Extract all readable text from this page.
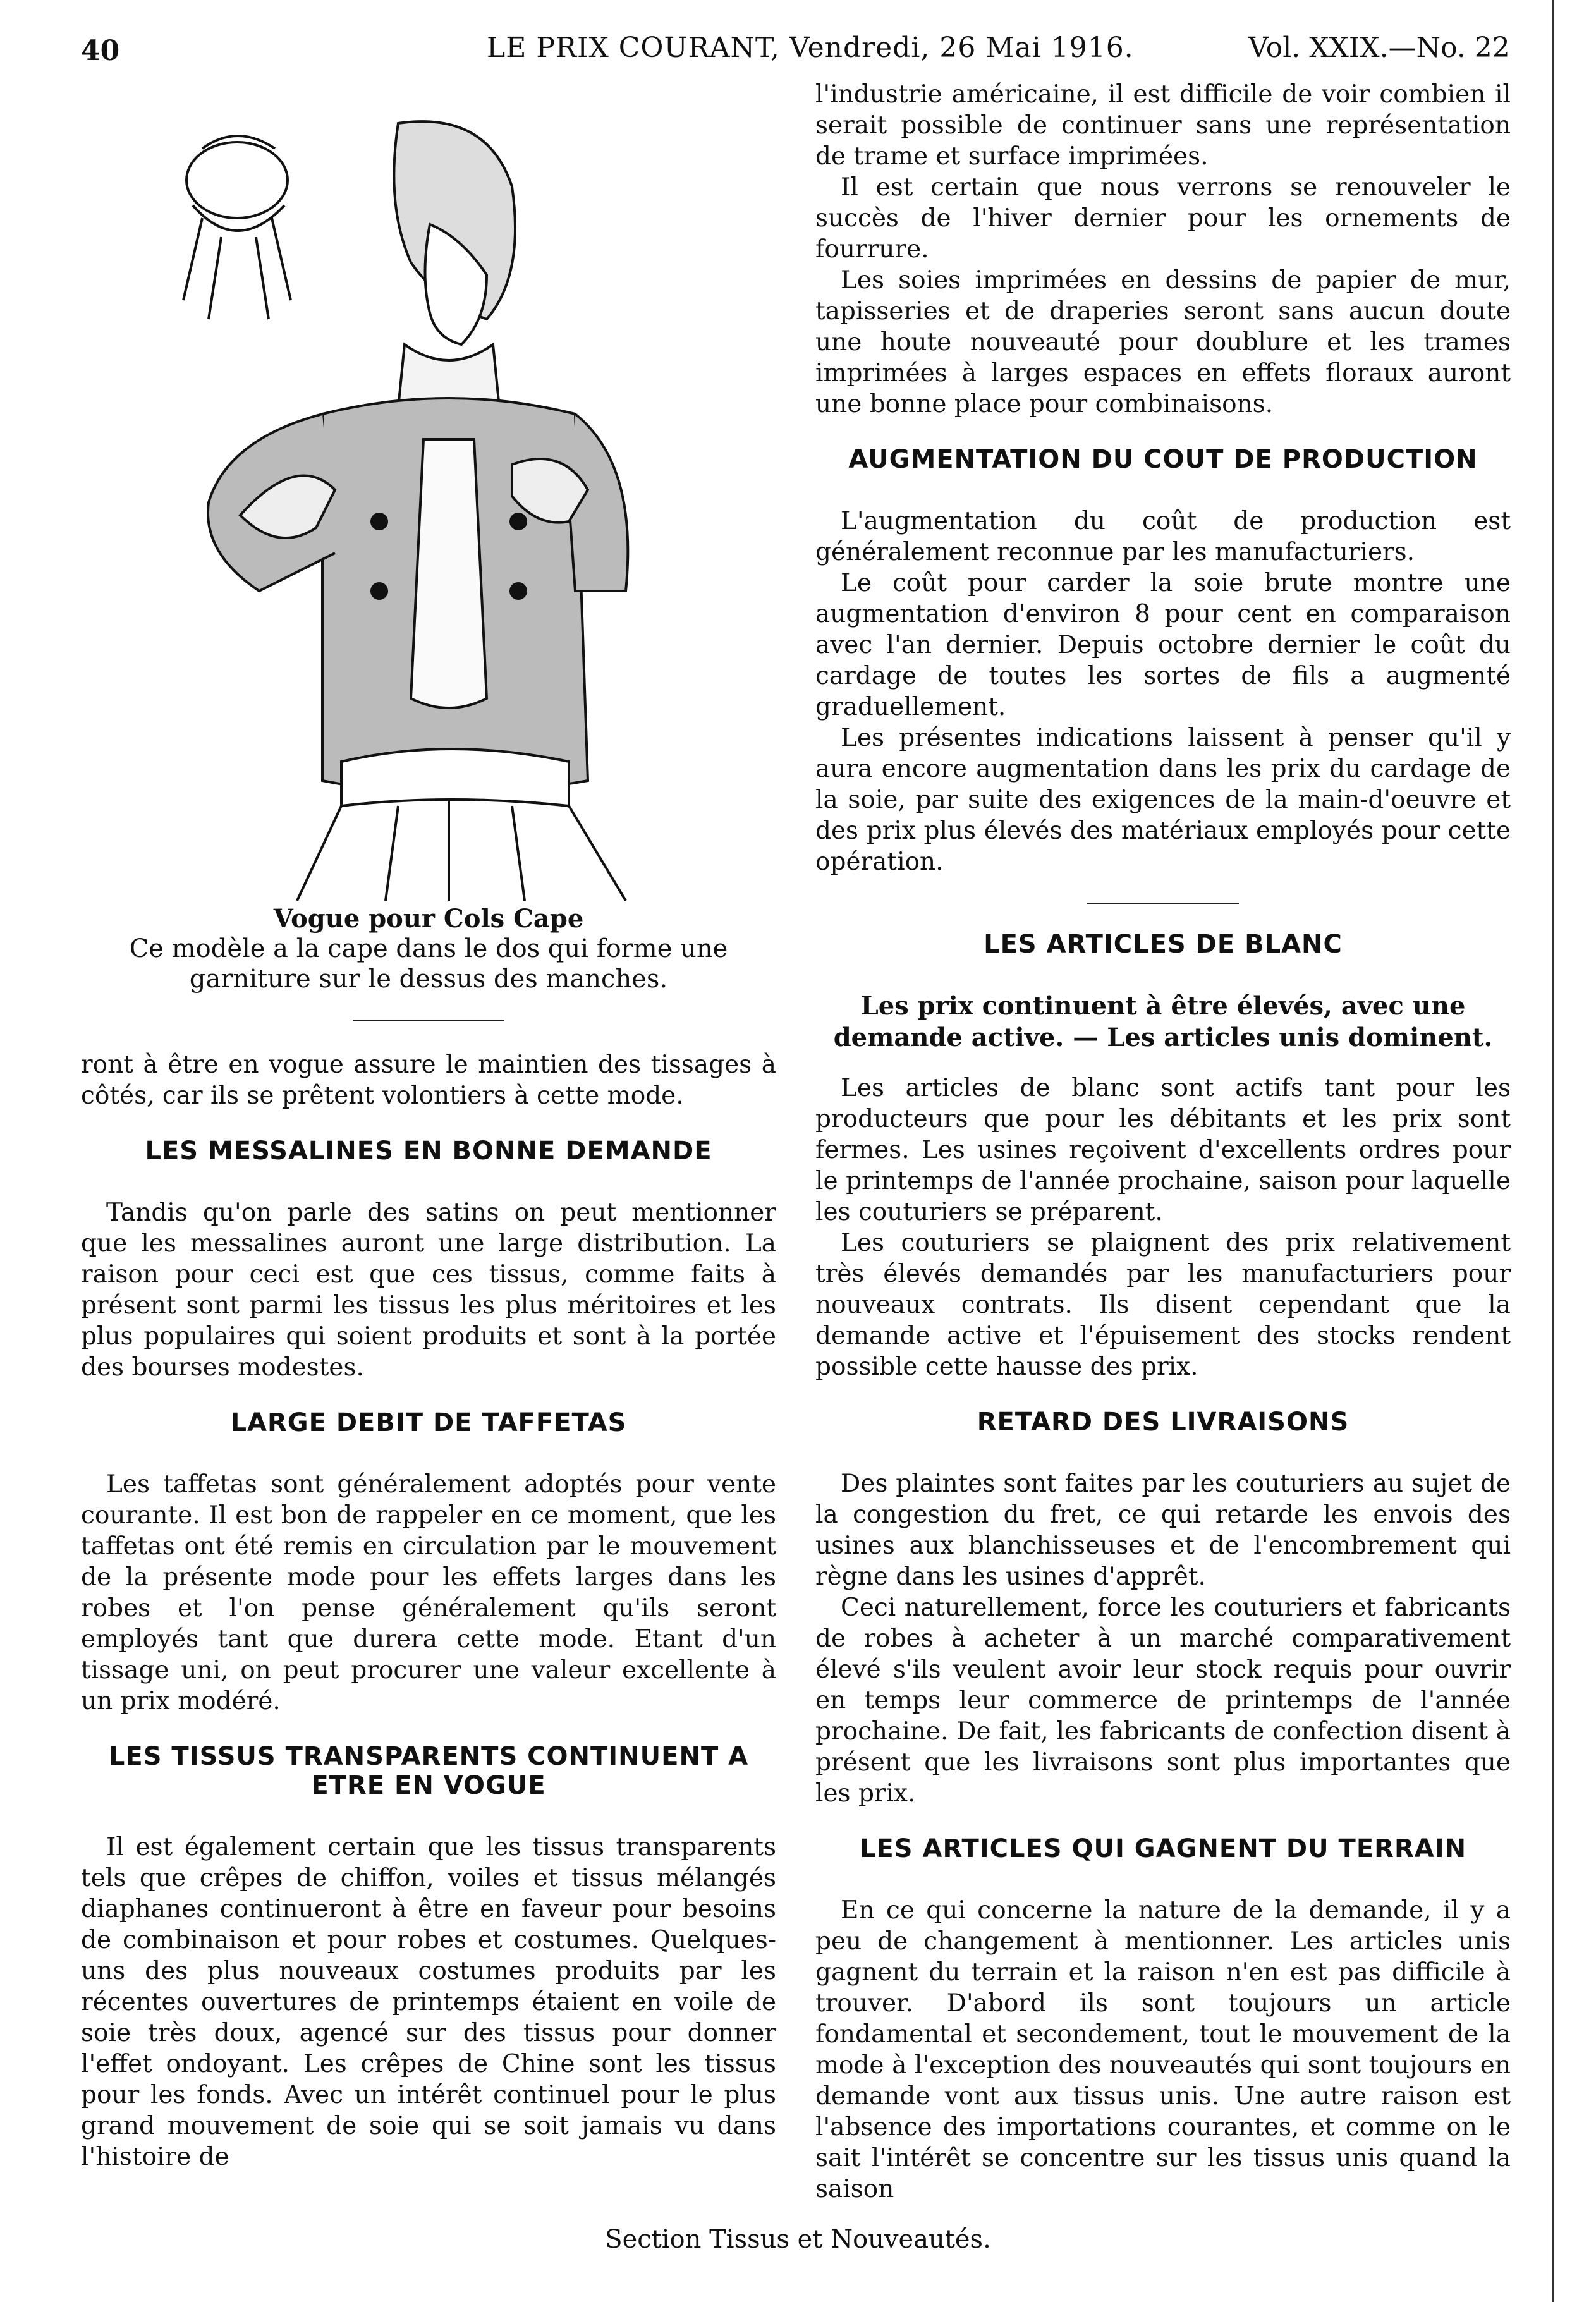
40	LE PRIX COURANT, Vendredi, 26 Mai 1916.	Vol. XXIX.—No. 22
Vogue pour Cols Cape
Ce modèle a la cape dans le dos qui forme une garniture sur le dessus des manches.

ront à être en vogue assure le maintien des tissages à côtés, car ils se prêtent volontiers à cette mode.

LES MESSALINES EN BONNE DEMANDE

Tandis qu'on parle des satins on peut mentionner que les messalines auront une large distribution. La raison pour ceci est que ces tissus, comme faits à présent sont parmi les tissus les plus méritoires et les plus populaires qui soient produits et sont à la portée des bourses modestes.

LARGE DEBIT DE TAFFETAS

Les taffetas sont généralement adoptés pour vente courante. Il est bon de rappeler en ce moment, que les taffetas ont été remis en circulation par le mouvement de la présente mode pour les effets larges dans les robes et l'on pense généralement qu'ils seront employés tant que durera cette mode. Etant d'un tissage uni, on peut procurer une valeur excellente à un prix modéré.

LES TISSUS TRANSPARENTS CONTINUENT A ETRE EN VOGUE

Il est également certain que les tissus transparents tels que crêpes de chiffon, voiles et tissus mélangés diaphanes continueront à être en faveur pour besoins de combinaison et pour robes et costumes. Quelques-uns des plus nouveaux costumes produits par les récentes ouvertures de printemps étaient en voile de soie très doux, agencé sur des tissus pour donner l'effet ondoyant. Les crêpes de Chine sont les tissus pour les fonds. Avec un intérêt continuel pour le plus grand mouvement de soie qui se soit jamais vu dans l'histoire de

l'industrie américaine, il est difficile de voir combien il serait possible de continuer sans une représentation de trame et surface imprimées.

Il est certain que nous verrons se renouveler le succès de l'hiver dernier pour les ornements de fourrure.

Les soies imprimées en dessins de papier de mur, tapisseries et de draperies seront sans aucun doute une houte nouveauté pour doublure et les trames imprimées à larges espaces en effets floraux auront une bonne place pour combinaisons.

AUGMENTATION DU COUT DE PRODUCTION

L'augmentation du coût de production est généralement reconnue par les manufacturiers.

Le coût pour carder la soie brute montre une augmentation d'environ 8 pour cent en comparaison avec l'an dernier. Depuis octobre dernier le coût du cardage de toutes les sortes de fils a augmenté graduellement.

Les présentes indications laissent à penser qu'il y aura encore augmentation dans les prix du cardage de la soie, par suite des exigences de la main-d'oeuvre et des prix plus élevés des matériaux employés pour cette opération.

LES ARTICLES DE BLANC
Les prix continuent à être élevés, avec une demande active. — Les articles unis dominent.

Les articles de blanc sont actifs tant pour les producteurs que pour les débitants et les prix sont fermes. Les usines reçoivent d'excellents ordres pour le printemps de l'année prochaine, saison pour laquelle les couturiers se préparent.

Les couturiers se plaignent des prix relativement très élevés demandés par les manufacturiers pour nouveaux contrats. Ils disent cependant que la demande active et l'épuisement des stocks rendent possible cette hausse des prix.

RETARD DES LIVRAISONS

Des plaintes sont faites par les couturiers au sujet de la congestion du fret, ce qui retarde les envois des usines aux blanchisseuses et de l'encombrement qui règne dans les usines d'apprêt.

Ceci naturellement, force les couturiers et fabricants de robes à acheter à un marché comparativement élevé s'ils veulent avoir leur stock requis pour ouvrir en temps leur commerce de printemps de l'année prochaine. De fait, les fabricants de confection disent à présent que les livraisons sont plus importantes que les prix.

LES ARTICLES QUI GAGNENT DU TERRAIN

En ce qui concerne la nature de la demande, il y a peu de changement à mentionner. Les articles unis gagnent du terrain et la raison n'en est pas difficile à trouver. D'abord ils sont toujours un article fondamental et secondement, tout le mouvement de la mode à l'exception des nouveautés qui sont toujours en demande vont aux tissus unis. Une autre raison est l'absence des importations courantes, et comme on le sait l'intérêt se concentre sur les tissus unis quand la saison

Section Tissus et Nouveautés.
